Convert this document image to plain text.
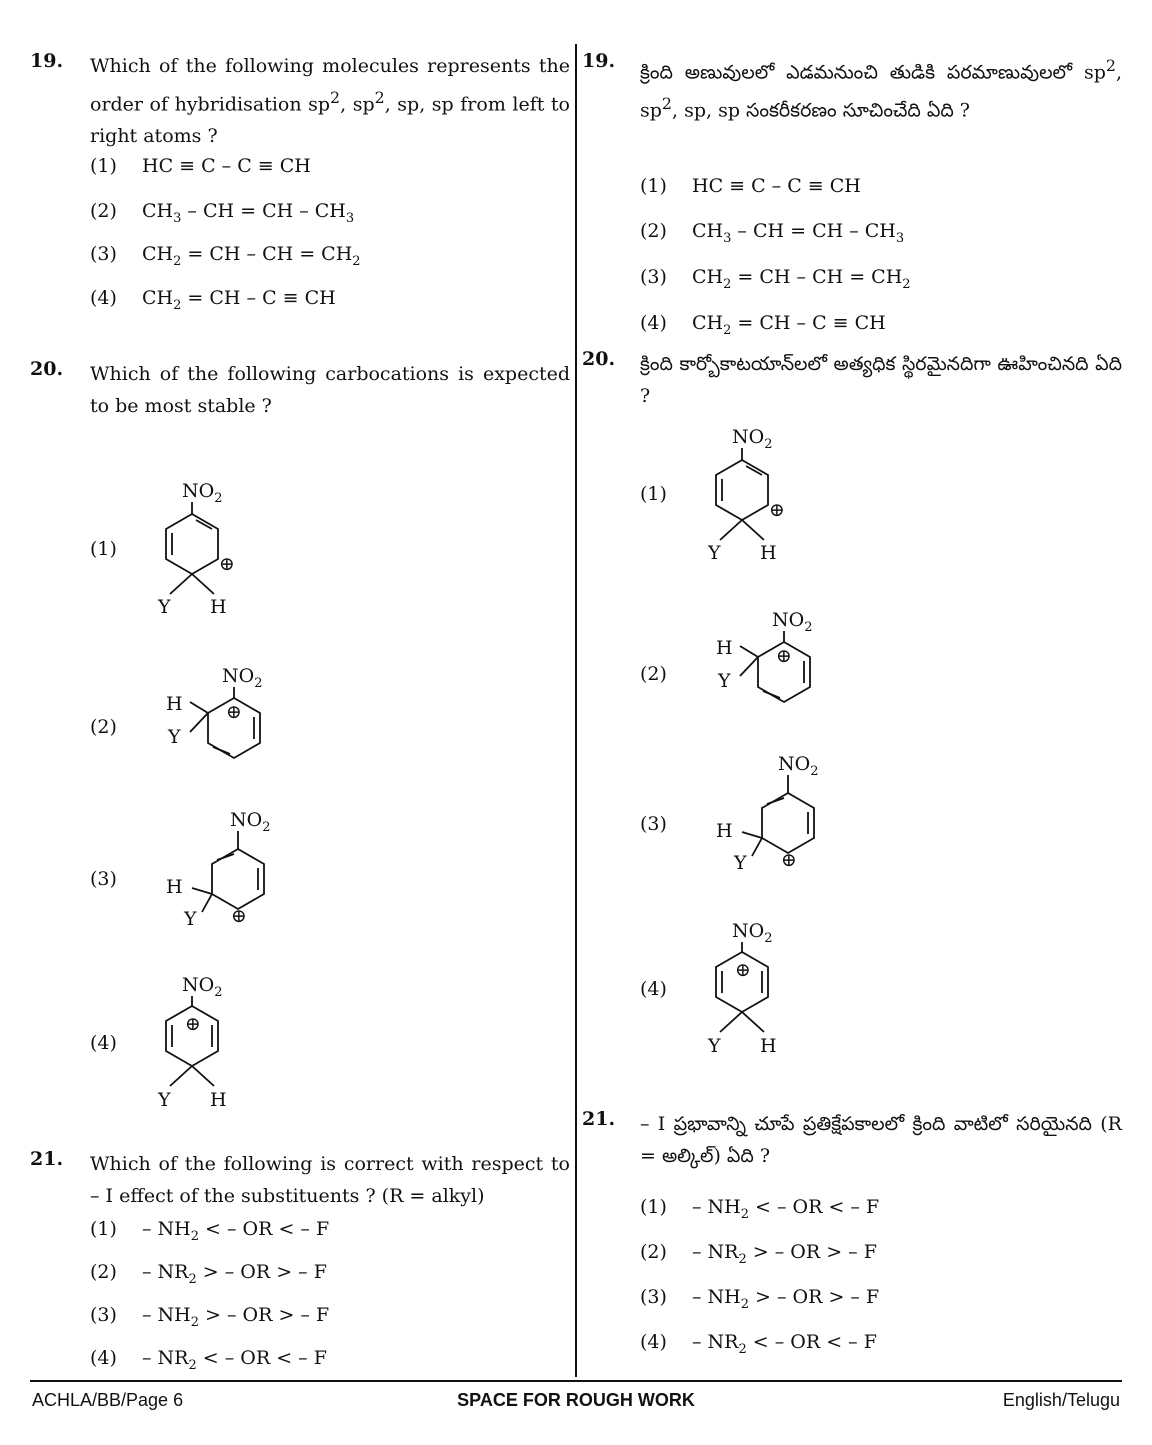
19. Which of the following molecules represents the order of hybridisation $sp^2$, $sp^2$, sp, sp from left to right atoms ?
(1) HC ≡ C – C ≡ CH
(2) $CH_3$ – CH = CH – $CH_3$
(3) $CH_2$ = CH – CH = $CH_2$
(4) $CH_2$ = CH – C ≡ CH
20. Which of the following carbocations is expected to be most stable ?
(1)
(2)
(3)
(4)
21. Which of the following is correct with respect to – I effect of the substituents ? (R = alkyl)
$(1) - NH_2$ < – OR < – F
$(2) - NR_2$ > – OR > – F
$(3) - NH_2$ > – OR > – F
$(4) - NR_2$ < – OR < – F
19.
క్రింది అణువులలో ఎడమనుంచి తుడికి పరమాణువులలో $sp^2$, $sp^2$, sp, sp సంకరీకరణం సూచించేది ఏది ?
(1) HC ≡ C – C ≡ CH
(2) $CH_3$ – CH = CH – $CH_3$
(3) $CH_2$ = CH – CH = $CH_2$
(4) $CH_2$ = CH – C ≡ CH
20. క్రింది కార్బోకాటయాన్‌లలో అత్యధిక స్థిరమైనదిగా ఊహించినది ఏది ?
(1)
(2)
(3)
(4)
21. – I ప్రభావాన్ని చూపే ప్రతిక్షేపకాలలో క్రింది వాటిలో సరియైనది (R = అల్కిల్) ఏది ?
$(1) - NH_2$ < – OR < – F
$(2) - NR_2$ > – OR > – F
$(3) - NH_2$ > – OR > – F
$(4) - NR_2$ < – OR < – F
$NO_2$
⊕
Y H
$NO_2$
⊕
H
Y
$NO_2$
⊕
H
Y
$NO_2$
⊕
Y H
$NO_2$
⊕
Y H
$NO_2$
⊕
H
Y
$NO_2$
⊕
H
Y
$NO_2$
⊕
Y H
ACHLA/BB/Page 6	SPACE FOR ROUGH WORK	English/Telugu
